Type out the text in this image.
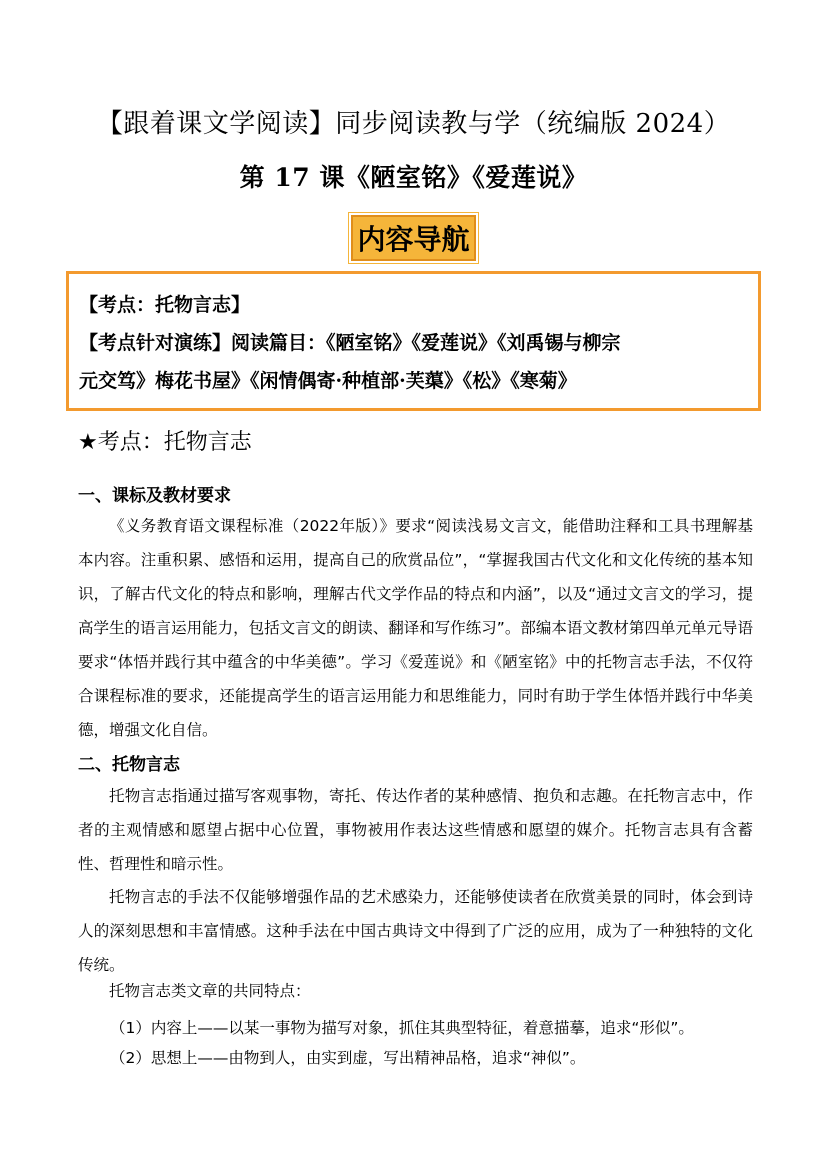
【跟着课文学阅读】同步阅读教与学（统编版 2024）
第 17 课《陋室铭》《爱莲说》
内容导航

【考点：托物言志】

【考点针对演练】阅读篇目：《陋室铭》《爱莲说》《刘禹锡与柳宗

元交笃》梅花书屋》《闲情偶寄·种植部·芙蕖》《松》《寒菊》

★考点：托物言志
一、课标及教材要求

《义务教育语文课程标准（2022年版）》要求“阅读浅易文言文，能借助注释和工具书理解基本内容。注重积累、感悟和运用，提高自己的欣赏品位”，“掌握我国古代文化和文化传统的基本知识，了解古代文化的特点和影响，理解古代文学作品的特点和内涵”，以及“通过文言文的学习，提高学生的语言运用能力，包括文言文的朗读、翻译和写作练习”。部编本语文教材第四单元单元导语要求“体悟并践行其中蕴含的中华美德”。学习《爱莲说》和《陋室铭》中的托物言志手法，不仅符合课程标准的要求，还能提高学生的语言运用能力和思维能力，同时有助于学生体悟并践行中华美德，增强文化自信。

二、托物言志

托物言志指通过描写客观事物，寄托、传达作者的某种感情、抱负和志趣。在托物言志中，作者的主观情感和愿望占据中心位置，事物被用作表达这些情感和愿望的媒介。托物言志具有含蓄性、哲理性和暗示性。

托物言志的手法不仅能够增强作品的艺术感染力，还能够使读者在欣赏美景的同时，体会到诗人的深刻思想和丰富情感。这种手法在中国古典诗文中得到了广泛的应用，成为了一种独特的文化传统。

托物言志类文章的共同特点：

（1）内容上——以某一事物为描写对象，抓住其典型特征，着意描摹，追求“形似”。
（2）思想上——由物到人，由实到虚，写出精神品格，追求“神似”。
